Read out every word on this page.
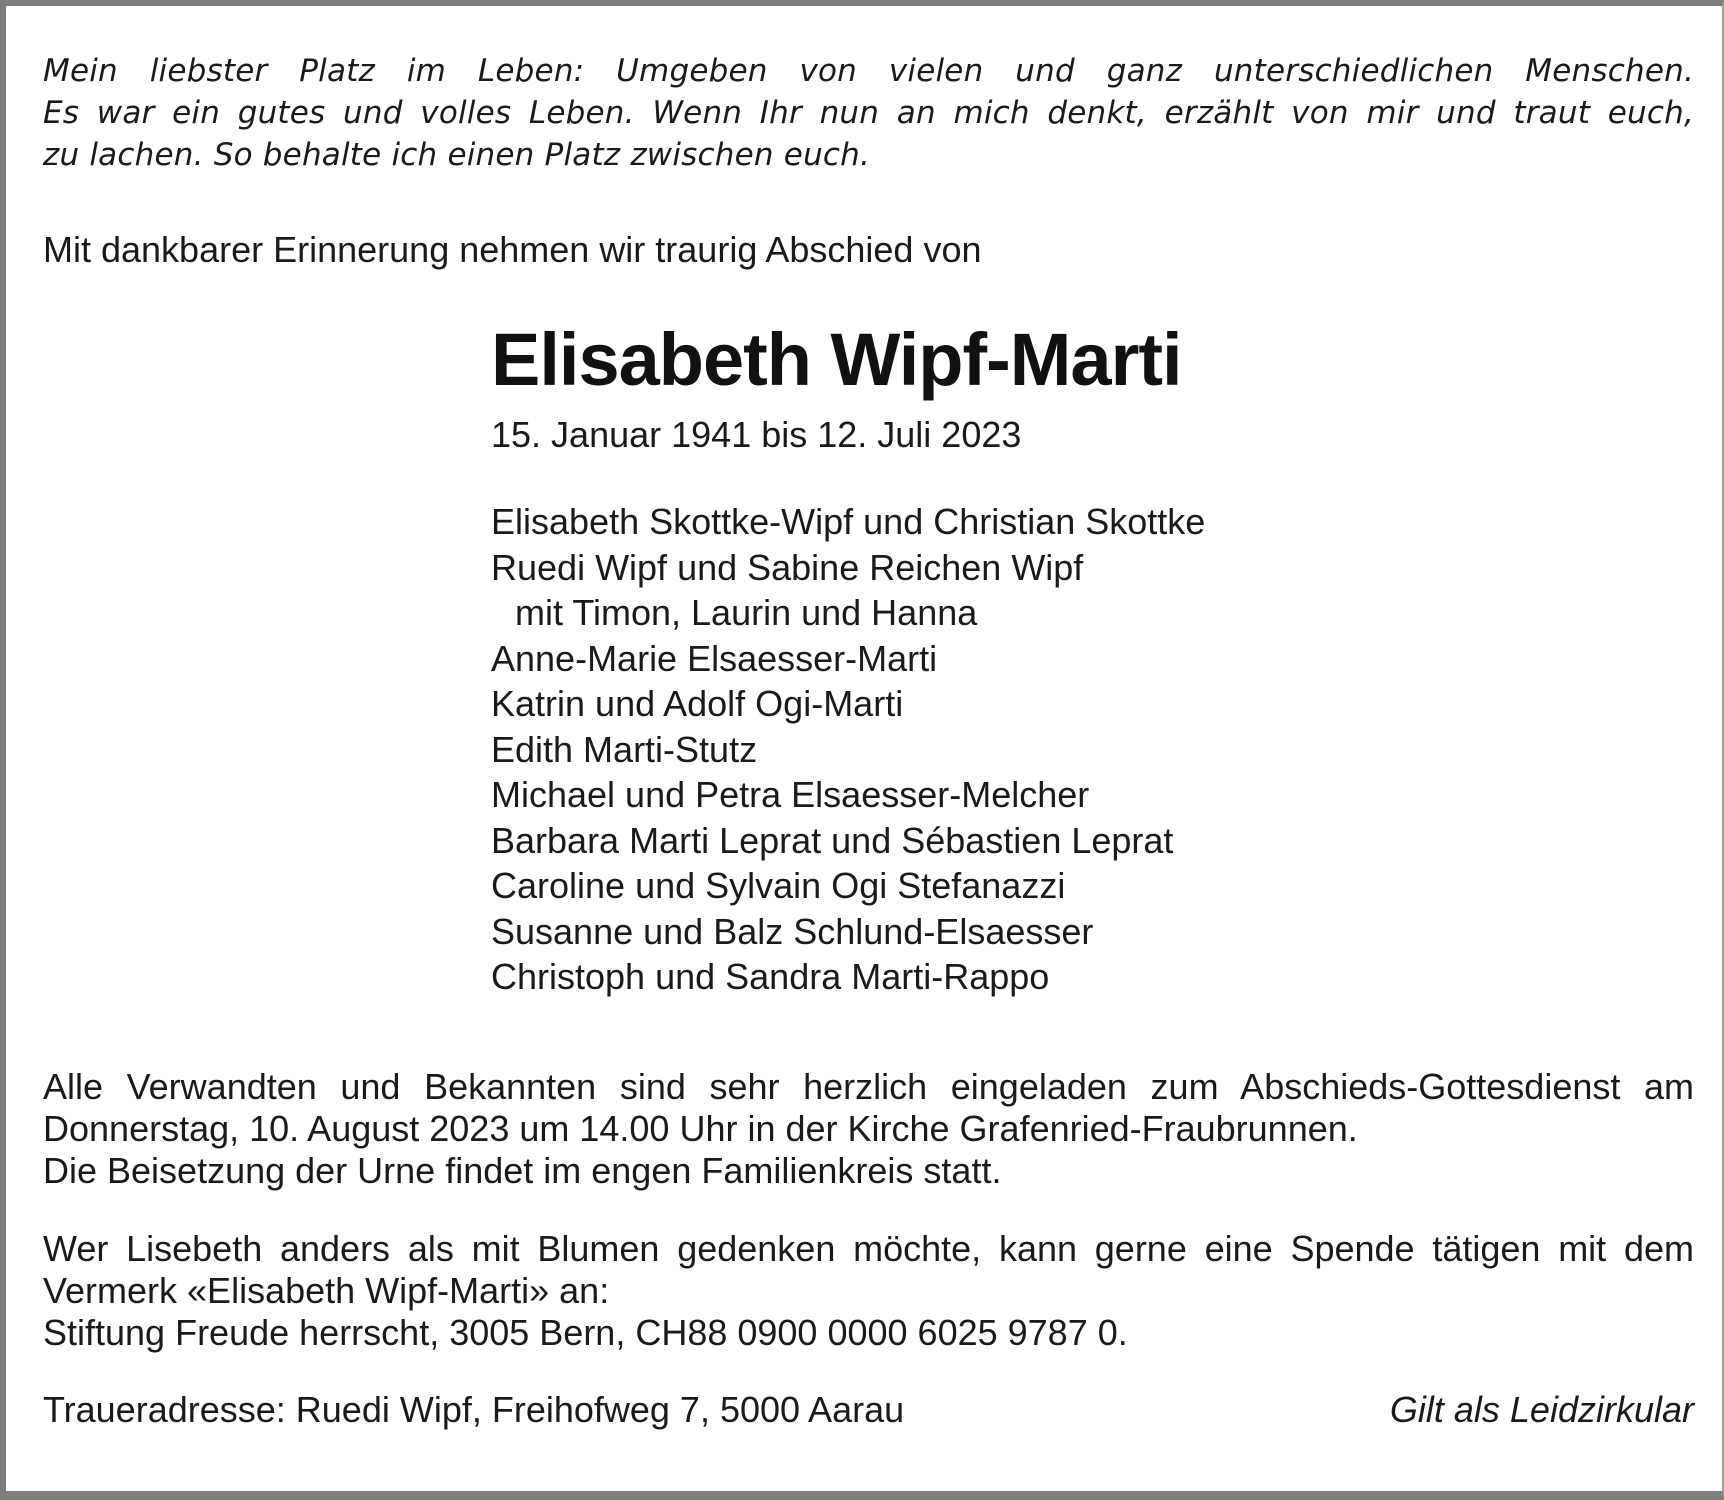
Mein liebster Platz im Leben: Umgeben von vielen und ganz unterschiedlichen Menschen.
Es war ein gutes und volles Leben. Wenn Ihr nun an mich denkt, erzählt von mir und traut euch,
zu lachen. So behalte ich einen Platz zwischen euch.

Mit dankbarer Erinnerung nehmen wir traurig Abschied von

Elisabeth Wipf-Marti

15. Januar 1941 bis 12. Juli 2023

Elisabeth Skottke-Wipf und Christian Skottke
Ruedi Wipf und Sabine Reichen Wipf
mit Timon, Laurin und Hanna
Anne-Marie Elsaesser-Marti
Katrin und Adolf Ogi-Marti
Edith Marti-Stutz
Michael und Petra Elsaesser-Melcher
Barbara Marti Leprat und Sébastien Leprat
Caroline und Sylvain Ogi Stefanazzi
Susanne und Balz Schlund-Elsaesser
Christoph und Sandra Marti-Rappo
Alle Verwandten und Bekannten sind sehr herzlich eingeladen zum Abschieds-Gottesdienst am
Donnerstag, 10. August 2023 um 14.00 Uhr in der Kirche Grafenried-Fraubrunnen.
Die Beisetzung der Urne findet im engen Familienkreis statt.
Wer Lisebeth anders als mit Blumen gedenken möchte, kann gerne eine Spende tätigen mit dem
Vermerk «Elisabeth Wipf-Marti» an:
Stiftung Freude herrscht, 3005 Bern, CH88 0900 0000 6025 9787 0.
Traueradresse: Ruedi Wipf, Freihofweg 7, 5000 Aarau	Gilt als Leidzirkular
